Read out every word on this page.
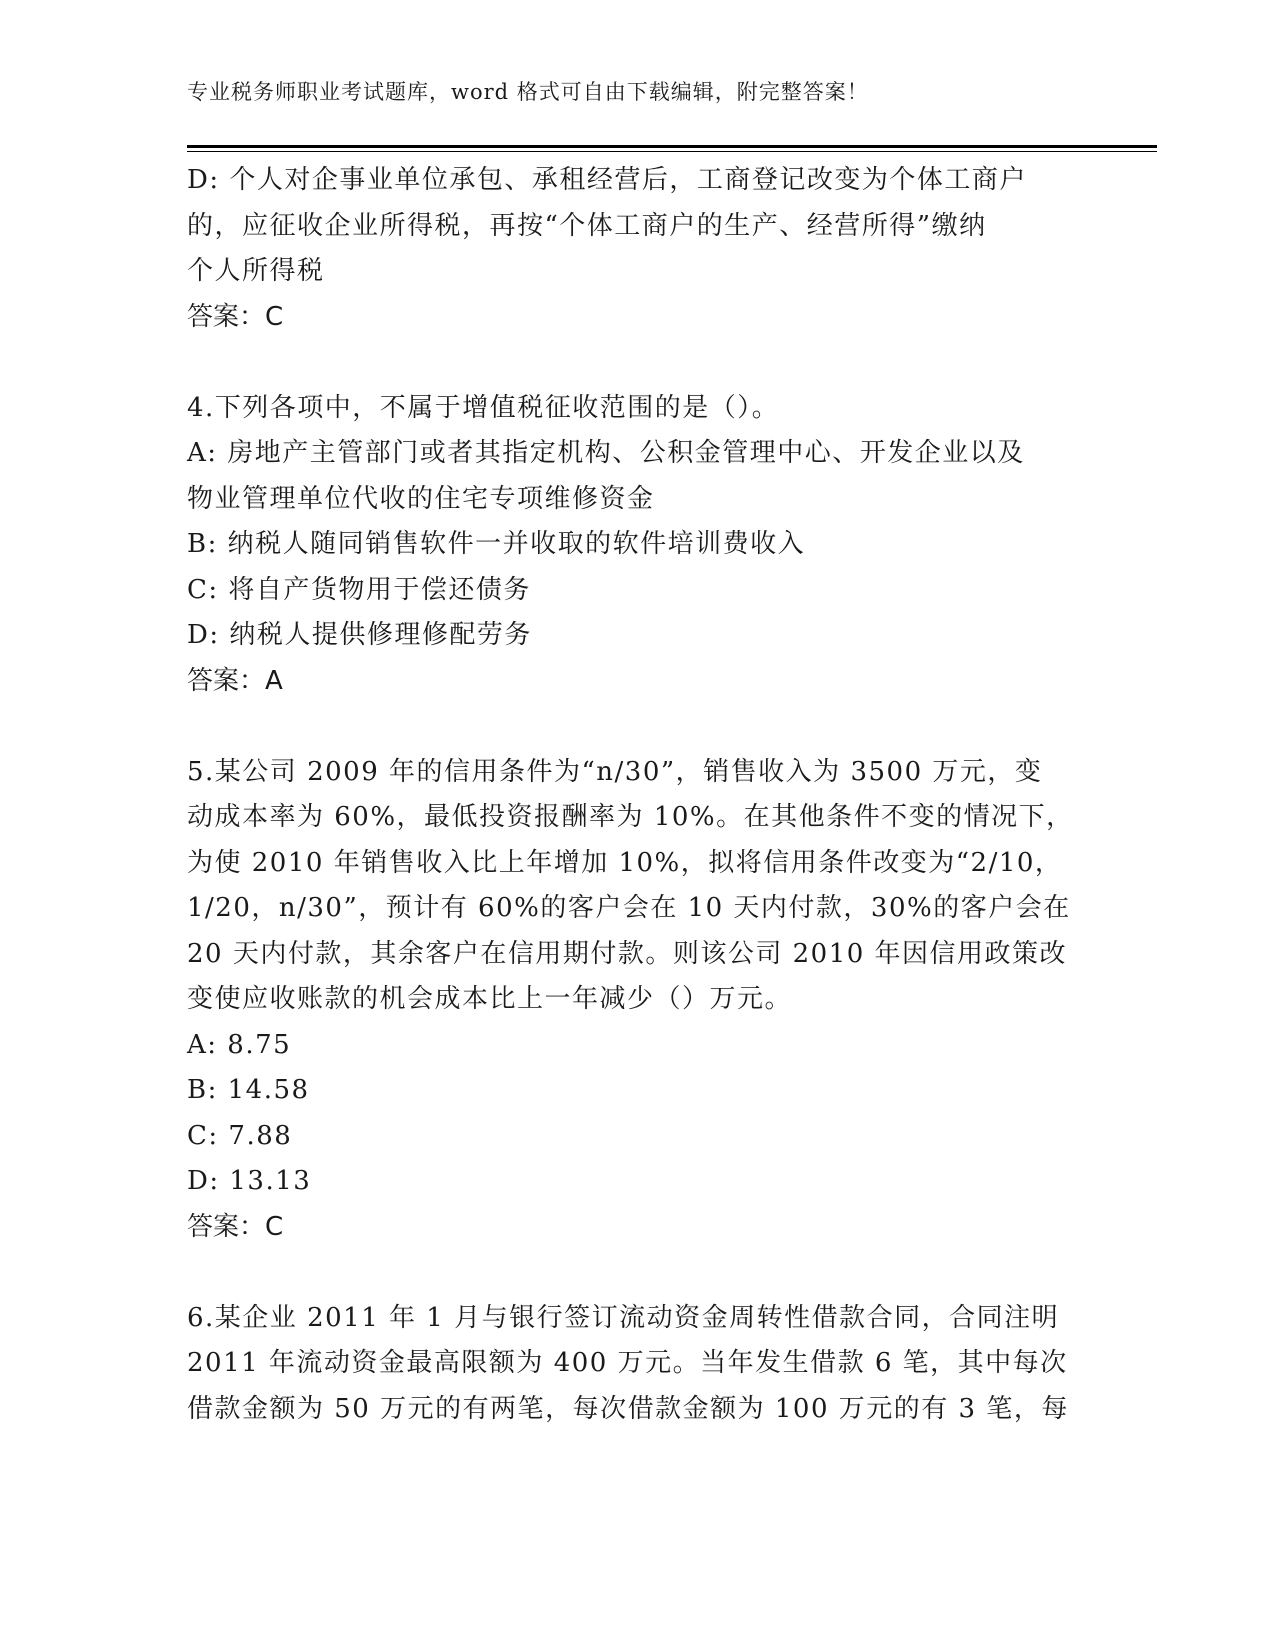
专业税务师职业考试题库，word 格式可自由下载编辑，附完整答案！
D: 个人对企事业单位承包、承租经营后，工商登记改变为个体工商户
的，应征收企业所得税，再按“个体工商户的生产、经营所得”缴纳
个人所得税
答案：C
4.下列各项中，不属于增值税征收范围的是（）。
A: 房地产主管部门或者其指定机构、公积金管理中心、开发企业以及
物业管理单位代收的住宅专项维修资金
B: 纳税人随同销售软件一并收取的软件培训费收入
C: 将自产货物用于偿还债务
D: 纳税人提供修理修配劳务
答案：A
5.某公司 2009 年的信用条件为“n/30”，销售收入为 3500 万元，变
动成本率为 60%，最低投资报酬率为 10%。在其他条件不变的情况下，
为使 2010 年销售收入比上年增加 10%，拟将信用条件改变为“2/10，
1/20，n/30”，预计有 60%的客户会在 10 天内付款，30%的客户会在
20 天内付款，其余客户在信用期付款。则该公司 2010 年因信用政策改
变使应收账款的机会成本比上一年减少（）万元。
A: 8.75
B: 14.58
C: 7.88
D: 13.13
答案：C
6.某企业 2011 年 1 月与银行签订流动资金周转性借款合同，合同注明
2011 年流动资金最高限额为 400 万元。当年发生借款 6 笔，其中每次
借款金额为 50 万元的有两笔，每次借款金额为 100 万元的有 3 笔，每
